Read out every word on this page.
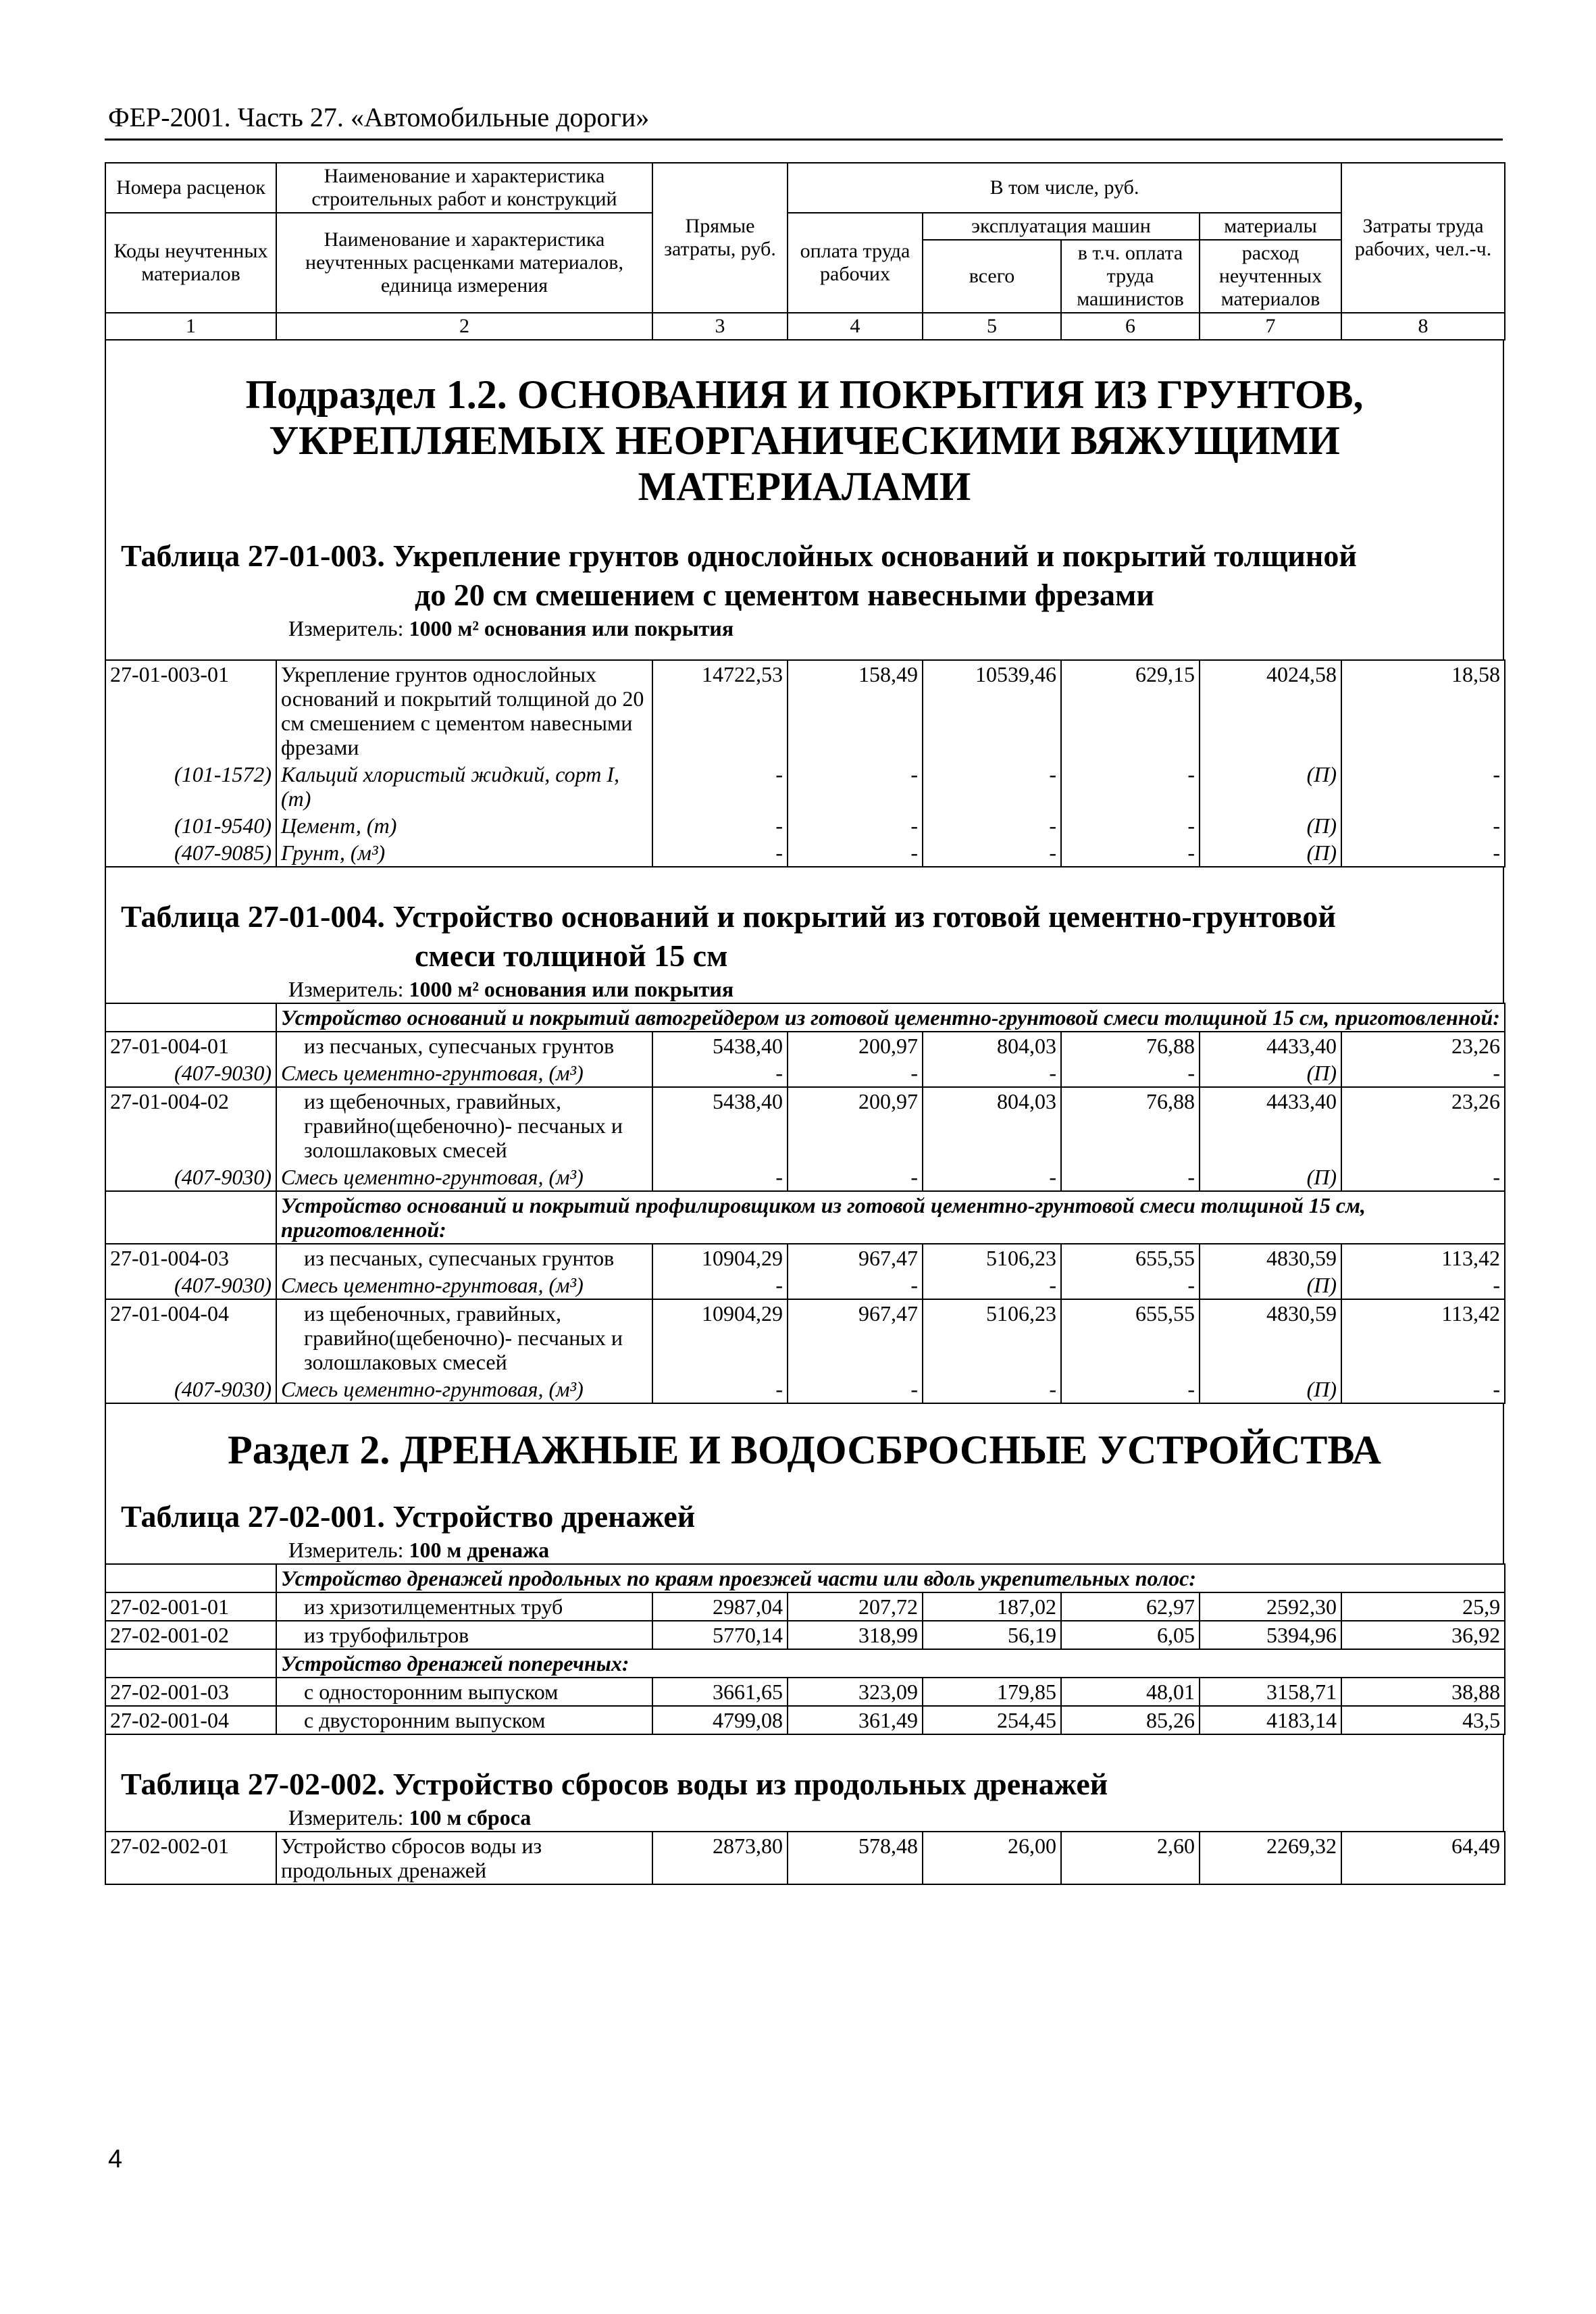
ФЕР-2001. Часть 27. «Автомобильные дороги»
Номера расценок	Наименование и характеристика строительных работ и конструкций	Прямые затраты, руб.	В том числе, руб.				Затраты труда рабочих, чел.-ч.
Коды неучтенных материалов	Наименование и характеристика неучтенных расценками материалов, единица измерения		оплата труда рабочих	эксплуатация машин		материалы	
				всего	в т.ч. оплата труда машинистов	расход неучтенных материалов	

1	2	3	4	5	6	7	8

Подраздел 1.2. ОСНОВАНИЯ И ПОКРЫТИЯ ИЗ ГРУНТОВ, УКРЕПЛЯЕМЫХ НЕОРГАНИЧЕСКИМИ ВЯЖУЩИМИ МАТЕРИАЛАМИ

Таблица 27-01-003. Укрепление грунтов однослойных оснований и покрытий толщиной
до 20 см смешением с цементом навесными фрезами

Измеритель: 1000 м² основания или покрытия
27-01-003-01	Укрепление грунтов однослойных оснований и покрытий толщиной до 20 см смешением с цементом навесными фрезами	14722,53	158,49	10539,46	629,15	4024,58	18,58
(101-1572)	Кальций хлористый жидкий, сорт I, (т)	-	-	-	-	(П)	-
(101-9540)	Цемент, (т)	-	-	-	-	(П)	-
(407-9085)	Грунт, (м³)	-	-	-	-	(П)	-

Таблица 27-01-004. Устройство оснований и покрытий из готовой цементно-грунтовой
смеси толщиной 15 см

Измеритель: 1000 м² основания или покрытия
	Устройство оснований и покрытий автогрейдером из готовой цементно-грунтовой смеси толщиной 15 см, приготовленной:						
27-01-004-01	из песчаных, супесчаных грунтов	5438,40	200,97	804,03	76,88	4433,40	23,26
(407-9030)	Смесь цементно-грунтовая, (м³)	-	-	-	-	(П)	-
27-01-004-02	из щебеночных, гравийных, гравийно(щебеночно)- песчаных и золошлаковых смесей	5438,40	200,97	804,03	76,88	4433,40	23,26
(407-9030)	Смесь цементно-грунтовая, (м³)	-	-	-	-	(П)	-
	Устройство оснований и покрытий профилировщиком из готовой цементно-грунтовой смеси толщиной 15 см, приготовленной:						
27-01-004-03	из песчаных, супесчаных грунтов	10904,29	967,47	5106,23	655,55	4830,59	113,42
(407-9030)	Смесь цементно-грунтовая, (м³)	-	-	-	-	(П)	-
27-01-004-04	из щебеночных, гравийных, гравийно(щебеночно)- песчаных и золошлаковых смесей	10904,29	967,47	5106,23	655,55	4830,59	113,42
(407-9030)	Смесь цементно-грунтовая, (м³)	-	-	-	-	(П)	-

Раздел 2. ДРЕНАЖНЫЕ И ВОДОСБРОСНЫЕ УСТРОЙСТВА

Таблица 27-02-001. Устройство дренажей

Измеритель: 100 м дренажа
	Устройство дренажей продольных по краям проезжей части или вдоль укрепительных полос:						
27-02-001-01	из хризотилцементных труб	2987,04	207,72	187,02	62,97	2592,30	25,9
27-02-001-02	из трубофильтров	5770,14	318,99	56,19	6,05	5394,96	36,92
	Устройство дренажей поперечных:						
27-02-001-03	с односторонним выпуском	3661,65	323,09	179,85	48,01	3158,71	38,88
27-02-001-04	с двусторонним выпуском	4799,08	361,49	254,45	85,26	4183,14	43,5

Таблица 27-02-002. Устройство сбросов воды из продольных дренажей

Измеритель: 100 м сброса
27-02-002-01	Устройство сбросов воды из продольных дренажей	2873,80	578,48	26,00	2,60	2269,32	64,49
4
